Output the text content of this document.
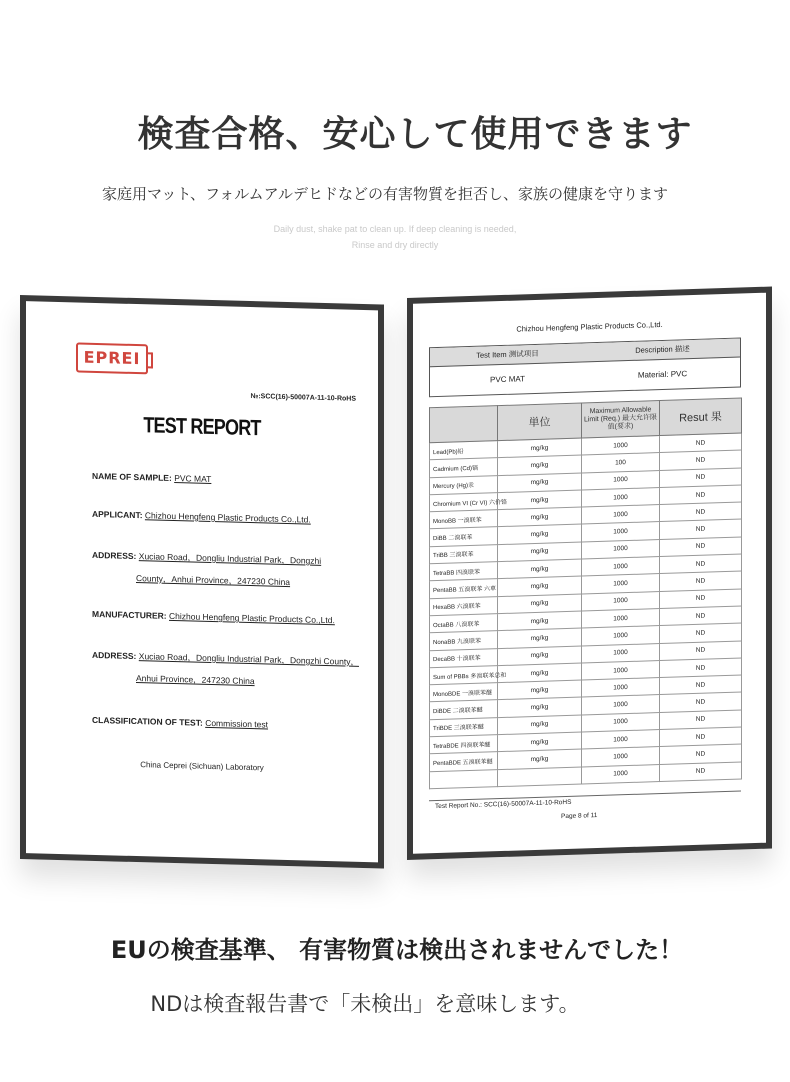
検査合格、安心して使用できます
家庭用マット、フォルムアルデヒドなどの有害物質を拒否し、家族の健康を守ります
Daily dust, shake pat to clean up. If deep cleaning is needed,
Rinse and dry directly
EPREI
№:SCC(16)-50007A-11-10-RoHS
TEST REPORT
NAME OF SAMPLE: PVC MAT
APPLICANT: Chizhou Hengfeng Plastic Products Co.,Ltd.
ADDRESS: Xuciao Road，Dongliu Industrial Park，Dongzhi
County，Anhui Province，247230 China
MANUFACTURER: Chizhou Hengfeng Plastic Products Co.,Ltd.
ADDRESS: Xuciao Road，Dongliu Industrial Park，Dongzhi County，
Anhui Province，247230 China
CLASSIFICATION OF TEST: Commission test
China Ceprei (Sichuan) Laboratory
Chizhou Hengfeng Plastic Products Co.,Ltd.
Test Item 测试项目	Description 描述
PVC MAT	Material: PVC
	単位	Maximum Allowable Limit (Req.) 最大允许限值(要求)	Resut 果
Lead(Pb)铅	mg/kg	1000	ND
Cadmium (Cd)镉	mg/kg	100	ND
Mercury (Hg)汞	mg/kg	1000	ND
Chromium VI (Cr VI) 六价铬	mg/kg	1000	ND
MonoBB 一溴联苯	mg/kg	1000	ND
DiBB 二溴联苯	mg/kg	1000	ND
TriBB 三溴联苯	mg/kg	1000	ND
TetraBB 四溴联苯	mg/kg	1000	ND
PentaBB 五溴联苯 六車	mg/kg	1000	ND
HexaBB 六溴联苯	mg/kg	1000	ND
OctaBB 八溴联苯	mg/kg	1000	ND
NonaBB 九溴联苯	mg/kg	1000	ND
DecaBB 十溴联苯	mg/kg	1000	ND
Sum of PBBs 多溴联苯总和	mg/kg	1000	ND
MonoBDE 一溴联苯醚	mg/kg	1000	ND
DiBDE 二溴联苯醚	mg/kg	1000	ND
TriBDE 三溴联苯醚	mg/kg	1000	ND
TetraBDE 四溴联苯醚	mg/kg	1000	ND
PentaBDE 五溴联苯醚	mg/kg	1000	ND
		1000	ND
Test Report No.: SCC(16)-50007A-11-10-RoHS
Page 8 of 11
EUの検査基準、 有害物質は検出されませんでした！
NDは検査報告書で「未検出」を意味します。
